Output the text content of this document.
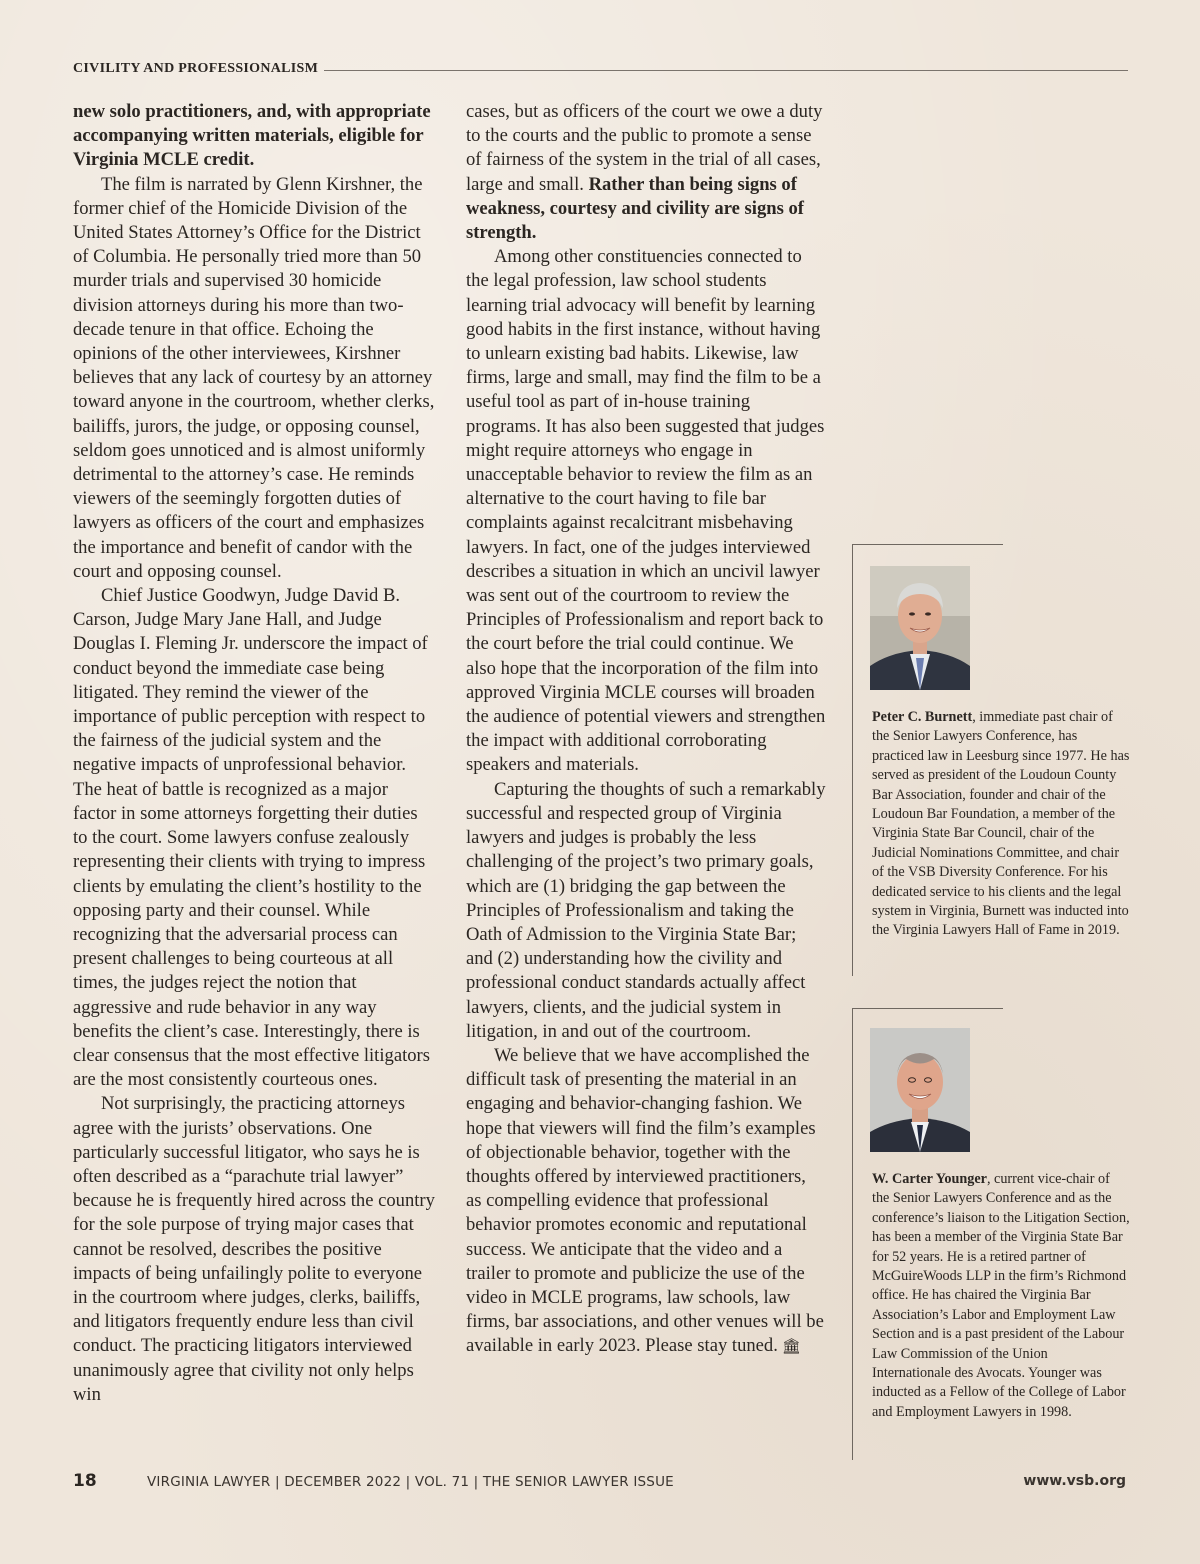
CIVILITY AND PROFESSIONALISM

new solo practitioners, and, with appropriate accompanying written materials, eligible for Virginia MCLE credit.

The film is narrated by Glenn Kirshner, the former chief of the Homicide Division of the United States Attorney’s Office for the District of Columbia. He personally tried more than 50 murder trials and supervised 30 homicide division attorneys during his more than two-decade tenure in that office. Echoing the opinions of the other interviewees, Kirshner believes that any lack of courtesy by an attorney toward anyone in the courtroom, whether clerks, bailiffs, jurors, the judge, or opposing counsel, seldom goes unnoticed and is almost uniformly detrimental to the attorney’s case. He reminds viewers of the seemingly forgotten duties of lawyers as officers of the court and emphasizes the importance and benefit of candor with the court and opposing counsel.

Chief Justice Goodwyn, Judge David B. Carson, Judge Mary Jane Hall, and Judge Douglas I. Fleming Jr. underscore the impact of conduct beyond the immediate case being litigated. They remind the viewer of the importance of public perception with respect to the fairness of the judicial system and the negative impacts of unprofessional behavior. The heat of battle is recognized as a major factor in some attorneys forgetting their duties to the court. Some lawyers confuse zealously representing their clients with trying to impress clients by emulating the client’s hostility to the opposing party and their counsel. While recognizing that the adversarial process can present challenges to being courteous at all times, the judges reject the notion that aggressive and rude behavior in any way benefits the client’s case. Interestingly, there is clear consensus that the most effective litigators are the most consistently courteous ones.

Not surprisingly, the practicing attorneys agree with the jurists’ observations. One particularly successful litigator, who says he is often described as a “parachute trial lawyer” because he is frequently hired across the country for the sole purpose of trying major cases that cannot be resolved, describes the positive impacts of being unfailingly polite to everyone in the courtroom where judges, clerks, bailiffs, and litigators frequently endure less than civil conduct. The practicing litigators interviewed unanimously agree that civility not only helps win

cases, but as officers of the court we owe a duty to the courts and the public to promote a sense of fairness of the system in the trial of all cases, large and small. Rather than being signs of weakness, courtesy and civility are signs of strength.

Among other constituencies connected to the legal profession, law school students learning trial advocacy will benefit by learning good habits in the first instance, without having to unlearn existing bad habits. Likewise, law firms, large and small, may find the film to be a useful tool as part of in-house training programs. It has also been suggested that judges might require attorneys who engage in unacceptable behavior to review the film as an alternative to the court having to file bar complaints against recalcitrant misbehaving lawyers. In fact, one of the judges interviewed describes a situation in which an uncivil lawyer was sent out of the courtroom to review the Principles of Professionalism and report back to the court before the trial could continue. We also hope that the incorporation of the film into approved Virginia MCLE courses will broaden the audience of potential viewers and strengthen the impact with additional corroborating speakers and materials.

Capturing the thoughts of such a remarkably successful and respected group of Virginia lawyers and judges is probably the less challenging of the project’s two primary goals, which are (1) bridging the gap between the Principles of Professionalism and taking the Oath of Admission to the Virginia State Bar; and (2) understanding how the civility and professional conduct standards actually affect lawyers, clients, and the judicial system in litigation, in and out of the courtroom.

We believe that we have accomplished the difficult task of presenting the material in an engaging and behavior-changing fashion. We hope that viewers will find the film’s examples of objectionable behavior, together with the thoughts offered by interviewed practitioners, as compelling evidence that professional behavior promotes economic and reputational success. We anticipate that the video and a trailer to promote and publicize the use of the video in MCLE programs, law schools, law firms, bar associations, and other venues will be available in early 2023. Please stay tuned. 🏛

Peter C. Burnett, immediate past chair of the Senior Lawyers Conference, has practiced law in Leesburg since 1977. He has served as president of the Loudoun County Bar Association, founder and chair of the Loudoun Bar Foundation, a member of the Virginia State Bar Council, chair of the Judicial Nominations Committee, and chair of the VSB Diversity Conference. For his dedicated service to his clients and the legal system in Virginia, Burnett was inducted into the Virginia Lawyers Hall of Fame in 2019.
W. Carter Younger, current vice-chair of the Senior Lawyers Conference and as the conference’s liaison to the Litigation Section, has been a member of the Virginia State Bar for 52 years. He is a retired partner of McGuireWoods LLP in the firm’s Richmond office. He has chaired the Virginia Bar Association’s Labor and Employment Law Section and is a past president of the Labour Law Commission of the Union Internationale des Avocats. Younger was inducted as a Fellow of the College of Labor and Employment Lawyers in 1998.
18	VIRGINIA LAWYER | DECEMBER 2022 | VOL. 71 | THE SENIOR LAWYER ISSUE	www.vsb.org
